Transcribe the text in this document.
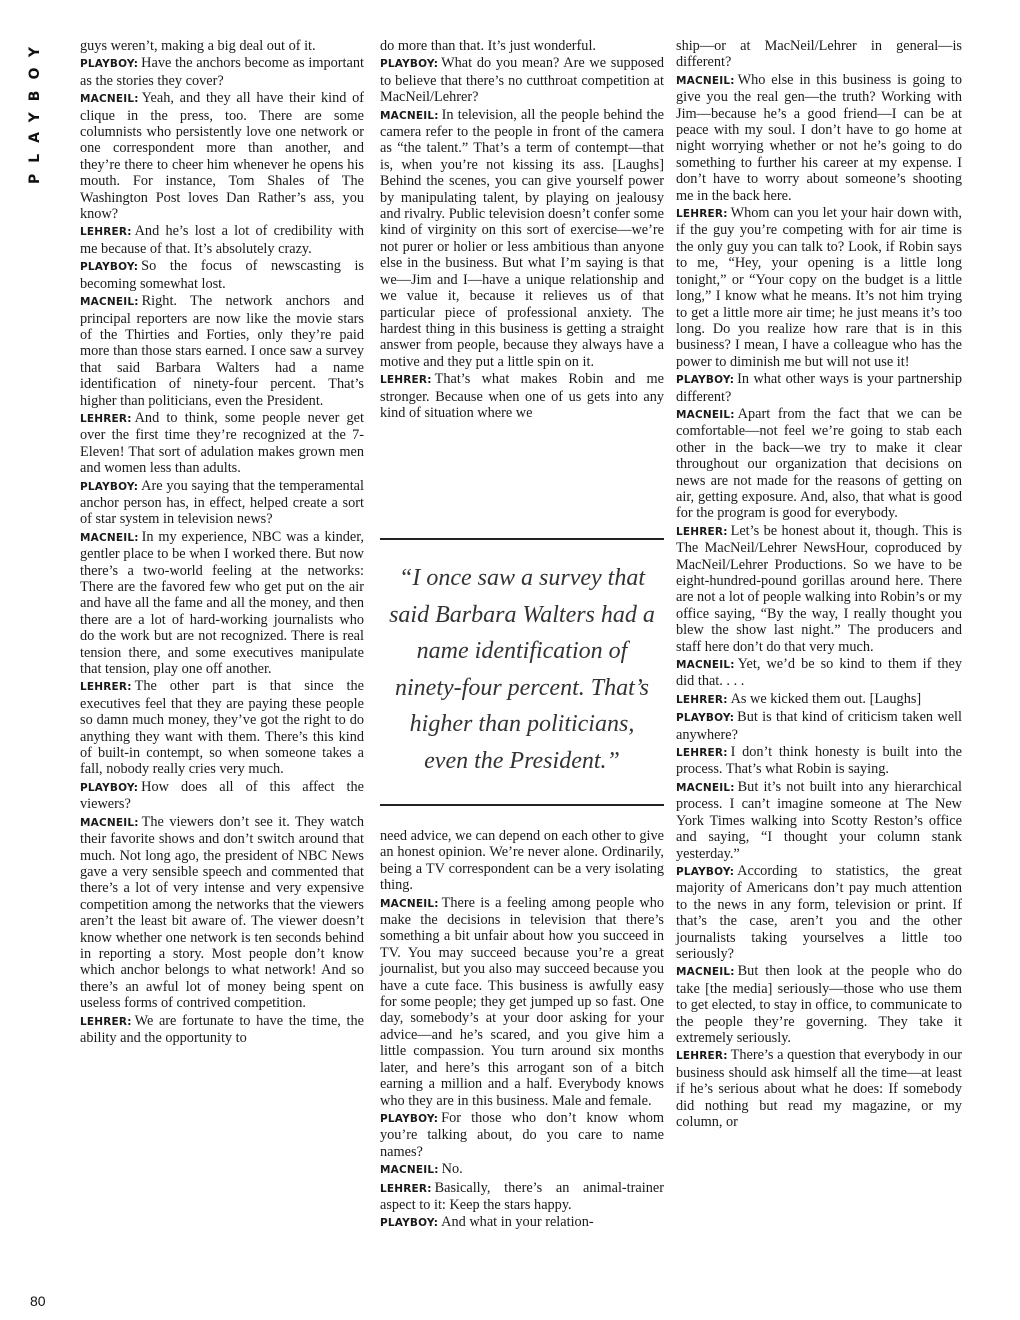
PLAYBOY	guys weren’t, making a big deal out of it.

PLAYBOY: Have the anchors become as important as the stories they cover?

MACNEIL: Yeah, and they all have their kind of clique in the press, too. There are some columnists who persistently love one network or one correspondent more than another, and they’re there to cheer him whenever he opens his mouth. For instance, Tom Shales of The Washington Post loves Dan Rather’s ass, you know?

LEHRER: And he’s lost a lot of credibility with me because of that. It’s absolutely crazy.

PLAYBOY: So the focus of newscasting is becoming somewhat lost.

MACNEIL: Right. The network anchors and principal reporters are now like the movie stars of the Thirties and Forties, only they’re paid more than those stars earned. I once saw a survey that said Barbara Walters had a name identification of ninety-four percent. That’s higher than politicians, even the President.

LEHRER: And to think, some people never get over the first time they’re recognized at the 7-Eleven! That sort of adulation makes grown men and women less than adults.

PLAYBOY: Are you saying that the temperamental anchor person has, in effect, helped create a sort of star system in television news?

MACNEIL: In my experience, NBC was a kinder, gentler place to be when I worked there. But now there’s a two-world feeling at the networks: There are the favored few who get put on the air and have all the fame and all the money, and then there are a lot of hard-working journalists who do the work but are not recognized. There is real tension there, and some executives manipulate that tension, play one off another.

LEHRER: The other part is that since the executives feel that they are paying these people so damn much money, they’ve got the right to do anything they want with them. There’s this kind of built-in contempt, so when someone takes a fall, nobody really cries very much.

PLAYBOY: How does all of this affect the viewers?

MACNEIL: The viewers don’t see it. They watch their favorite shows and don’t switch around that much. Not long ago, the president of NBC News gave a very sensible speech and commented that there’s a lot of very intense and very expensive competition among the networks that the viewers aren’t the least bit aware of. The viewer doesn’t know whether one network is ten seconds behind in reporting a story. Most people don’t know which anchor belongs to what network! And so there’s an awful lot of money being spent on useless forms of contrived competition.

LEHRER: We are fortunate to have the time, the ability and the opportunity to

do more than that. It’s just wonderful.

PLAYBOY: What do you mean? Are we supposed to believe that there’s no cutthroat competition at MacNeil/Lehrer?

MACNEIL: In television, all the people behind the camera refer to the people in front of the camera as “the talent.” That’s a term of contempt—that is, when you’re not kissing its ass. [Laughs] Behind the scenes, you can give yourself power by manipulating talent, by playing on jealousy and rivalry. Public television doesn’t confer some kind of virginity on this sort of exercise—we’re not purer or holier or less ambitious than anyone else in the business. But what I’m saying is that we—Jim and I—have a unique relationship and we value it, because it relieves us of that particular piece of professional anxiety. The hardest thing in this business is getting a straight answer from people, because they always have a motive and they put a little spin on it.

LEHRER: That’s what makes Robin and me stronger. Because when one of us gets into any kind of situation where we

“I once saw a survey that said Barbara Walters had a name identification of ninety-four percent. That’s higher than politicians, even the President.”

need advice, we can depend on each other to give an honest opinion. We’re never alone. Ordinarily, being a TV correspondent can be a very isolating thing.

MACNEIL: There is a feeling among people who make the decisions in television that there’s something a bit unfair about how you succeed in TV. You may succeed because you’re a great journalist, but you also may succeed because you have a cute face. This business is awfully easy for some people; they get jumped up so fast. One day, somebody’s at your door asking for your advice—and he’s scared, and you give him a little compassion. You turn around six months later, and here’s this arrogant son of a bitch earning a million and a half. Everybody knows who they are in this business. Male and female.

PLAYBOY: For those who don’t know whom you’re talking about, do you care to name names?

MACNEIL: No.

LEHRER: Basically, there’s an animal-trainer aspect to it: Keep the stars happy.

PLAYBOY: And what in your relation-

ship—or at MacNeil/Lehrer in general—is different?

MACNEIL: Who else in this business is going to give you the real gen—the truth? Working with Jim—because he’s a good friend—I can be at peace with my soul. I don’t have to go home at night worrying whether or not he’s going to do something to further his career at my expense. I don’t have to worry about someone’s shooting me in the back here.

LEHRER: Whom can you let your hair down with, if the guy you’re competing with for air time is the only guy you can talk to? Look, if Robin says to me, “Hey, your opening is a little long tonight,” or “Your copy on the budget is a little long,” I know what he means. It’s not him trying to get a little more air time; he just means it’s too long. Do you realize how rare that is in this business? I mean, I have a colleague who has the power to diminish me but will not use it!

PLAYBOY: In what other ways is your partnership different?

MACNEIL: Apart from the fact that we can be comfortable—not feel we’re going to stab each other in the back—we try to make it clear throughout our organization that decisions on news are not made for the reasons of getting on air, getting exposure. And, also, that what is good for the program is good for everybody.

LEHRER: Let’s be honest about it, though. This is The MacNeil/Lehrer NewsHour, coproduced by MacNeil/Lehrer Productions. So we have to be eight-hundred-pound gorillas around here. There are not a lot of people walking into Robin’s or my office saying, “By the way, I really thought you blew the show last night.” The producers and staff here don’t do that very much.

MACNEIL: Yet, we’d be so kind to them if they did that. . . .

LEHRER: As we kicked them out. [Laughs]

PLAYBOY: But is that kind of criticism taken well anywhere?

LEHRER: I don’t think honesty is built into the process. That’s what Robin is saying.

MACNEIL: But it’s not built into any hierarchical process. I can’t imagine someone at The New York Times walking into Scotty Reston’s office and saying, “I thought your column stank yesterday.”

PLAYBOY: According to statistics, the great majority of Americans don’t pay much attention to the news in any form, television or print. If that’s the case, aren’t you and the other journalists taking yourselves a little too seriously?

MACNEIL: But then look at the people who do take [the media] seriously—those who use them to get elected, to stay in office, to communicate to the people they’re governing. They take it extremely seriously.

LEHRER: There’s a question that everybody in our business should ask himself all the time—at least if he’s serious about what he does: If somebody did nothing but read my magazine, or my column, or

80
